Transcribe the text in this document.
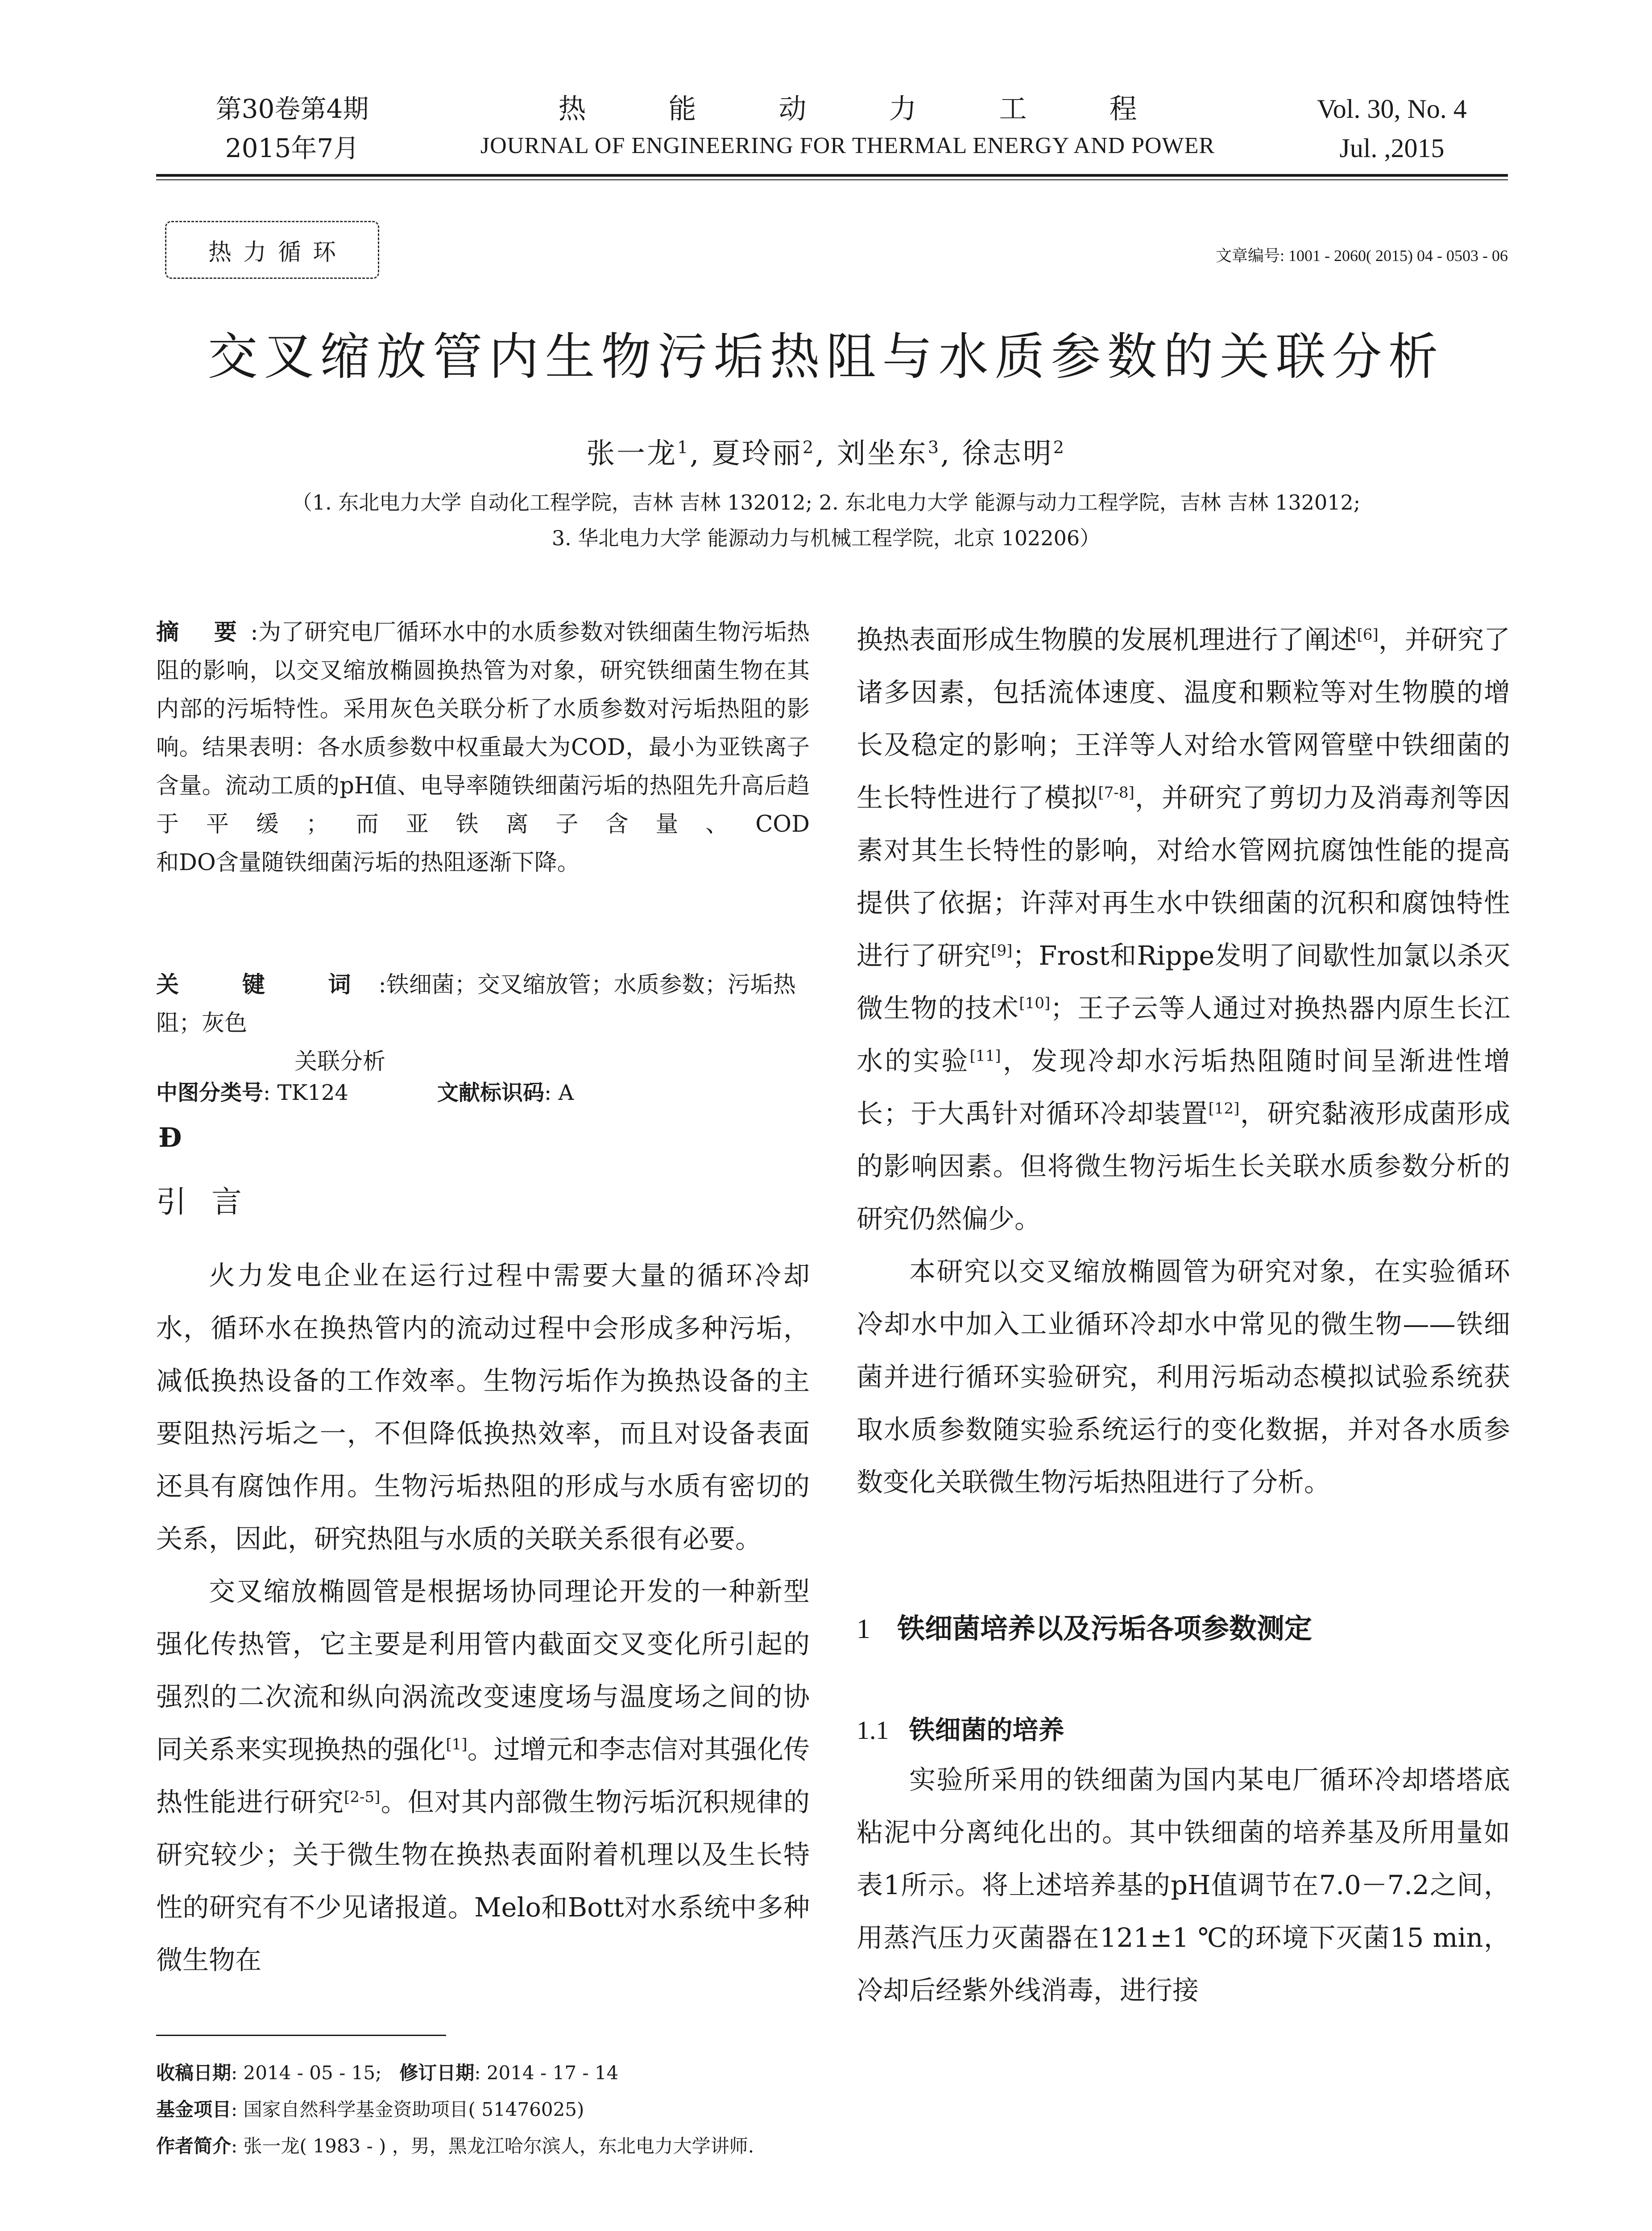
第30卷第4期
2015年7月
热能动力工程
JOURNAL OF ENGINEERING FOR THERMAL ENERGY AND POWER
Vol. 30, No. 4
Jul. ,2015
热力循环	文章编号: 1001 - 2060( 2015) 04 - 0503 - 06
交叉缩放管内生物污垢热阻与水质参数的关联分析
张一龙$^1$, 夏玲丽$^2$, 刘坐东$^3$, 徐志明$^2$
（1. 东北电力大学 自动化工程学院，吉林 吉林 132012; 2. 东北电力大学 能源与动力工程学院，吉林 吉林 132012;
3. 华北电力大学 能源动力与机械工程学院，北京 102206）
摘 要:为了研究电厂循环水中的水质参数对铁细菌生物污垢热阻的影响，以交叉缩放椭圆换热管为对象，研究铁细菌生物在其内部的污垢特性。采用灰色关联分析了水质参数对污垢热阻的影响。结果表明：各水质参数中权重最大为COD，最小为亚铁离子含量。流动工质的pH值、电导率随铁细菌污垢的热阻先升高后趋于平缓；而亚铁离子含量、COD
和DO含量随铁细菌污垢的热阻逐渐下降。
关 键 词:铁细菌；交叉缩放管；水质参数；污垢热阻；灰色
关联分析
中图分类号: TK124	文献标识码: A
Ð
引言

火力发电企业在运行过程中需要大量的循环冷却水，循环水在换热管内的流动过程中会形成多种污垢，减低换热设备的工作效率。生物污垢作为换热设备的主要阻热污垢之一，不但降低换热效率，而且对设备表面还具有腐蚀作用。生物污垢热阻的形成与水质有密切的关系，因此，研究热阻与水质的关联关系很有必要。

交叉缩放椭圆管是根据场协同理论开发的一种新型强化传热管，它主要是利用管内截面交叉变化所引起的强烈的二次流和纵向涡流改变速度场与温度场之间的协同关系来实现换热的强化[1]。过增元和李志信对其强化传热性能进行研究[2-5]。但对其内部微生物污垢沉积规律的研究较少；关于微生物在换热表面附着机理以及生长特性的研究有不少见诸报道。Melo和Bott对水系统中多种微生物在

换热表面形成生物膜的发展机理进行了阐述[6]，并研究了诸多因素，包括流体速度、温度和颗粒等对生物膜的增长及稳定的影响；王洋等人对给水管网管壁中铁细菌的生长特性进行了模拟[7-8]，并研究了剪切力及消毒剂等因素对其生长特性的影响，对给水管网抗腐蚀性能的提高提供了依据；许萍对再生水中铁细菌的沉积和腐蚀特性进行了研究[9]；Frost和Rippe发明了间歇性加氯以杀灭微生物的技术[10]；王子云等人通过对换热器内原生长江水的实验[11]，发现冷却水污垢热阻随时间呈渐进性增长；于大禹针对循环冷却装置[12]，研究黏液形成菌形成的影响因素。但将微生物污垢生长关联水质参数分析的研究仍然偏少。

本研究以交叉缩放椭圆管为研究对象，在实验循环冷却水中加入工业循环冷却水中常见的微生物——铁细菌并进行循环实验研究，利用污垢动态模拟试验系统获取水质参数随实验系统运行的变化数据，并对各水质参数变化关联微生物污垢热阻进行了分析。

1 铁细菌培养以及污垢各项参数测定
1.1 铁细菌的培养

实验所采用的铁细菌为国内某电厂循环冷却塔塔底粘泥中分离纯化出的。其中铁细菌的培养基及所用量如表1所示。将上述培养基的pH值调节在7.0－7.2之间，用蒸汽压力灭菌器在121±1 ℃的环境下灭菌15 min，冷却后经紫外线消毒，进行接

收稿日期: 2014 - 05 - 15; 修订日期: 2014 - 17 - 14
基金项目: 国家自然科学基金资助项目( 51476025)
作者简介: 张一龙( 1983 - ) ，男，黑龙江哈尔滨人，东北电力大学讲师.
